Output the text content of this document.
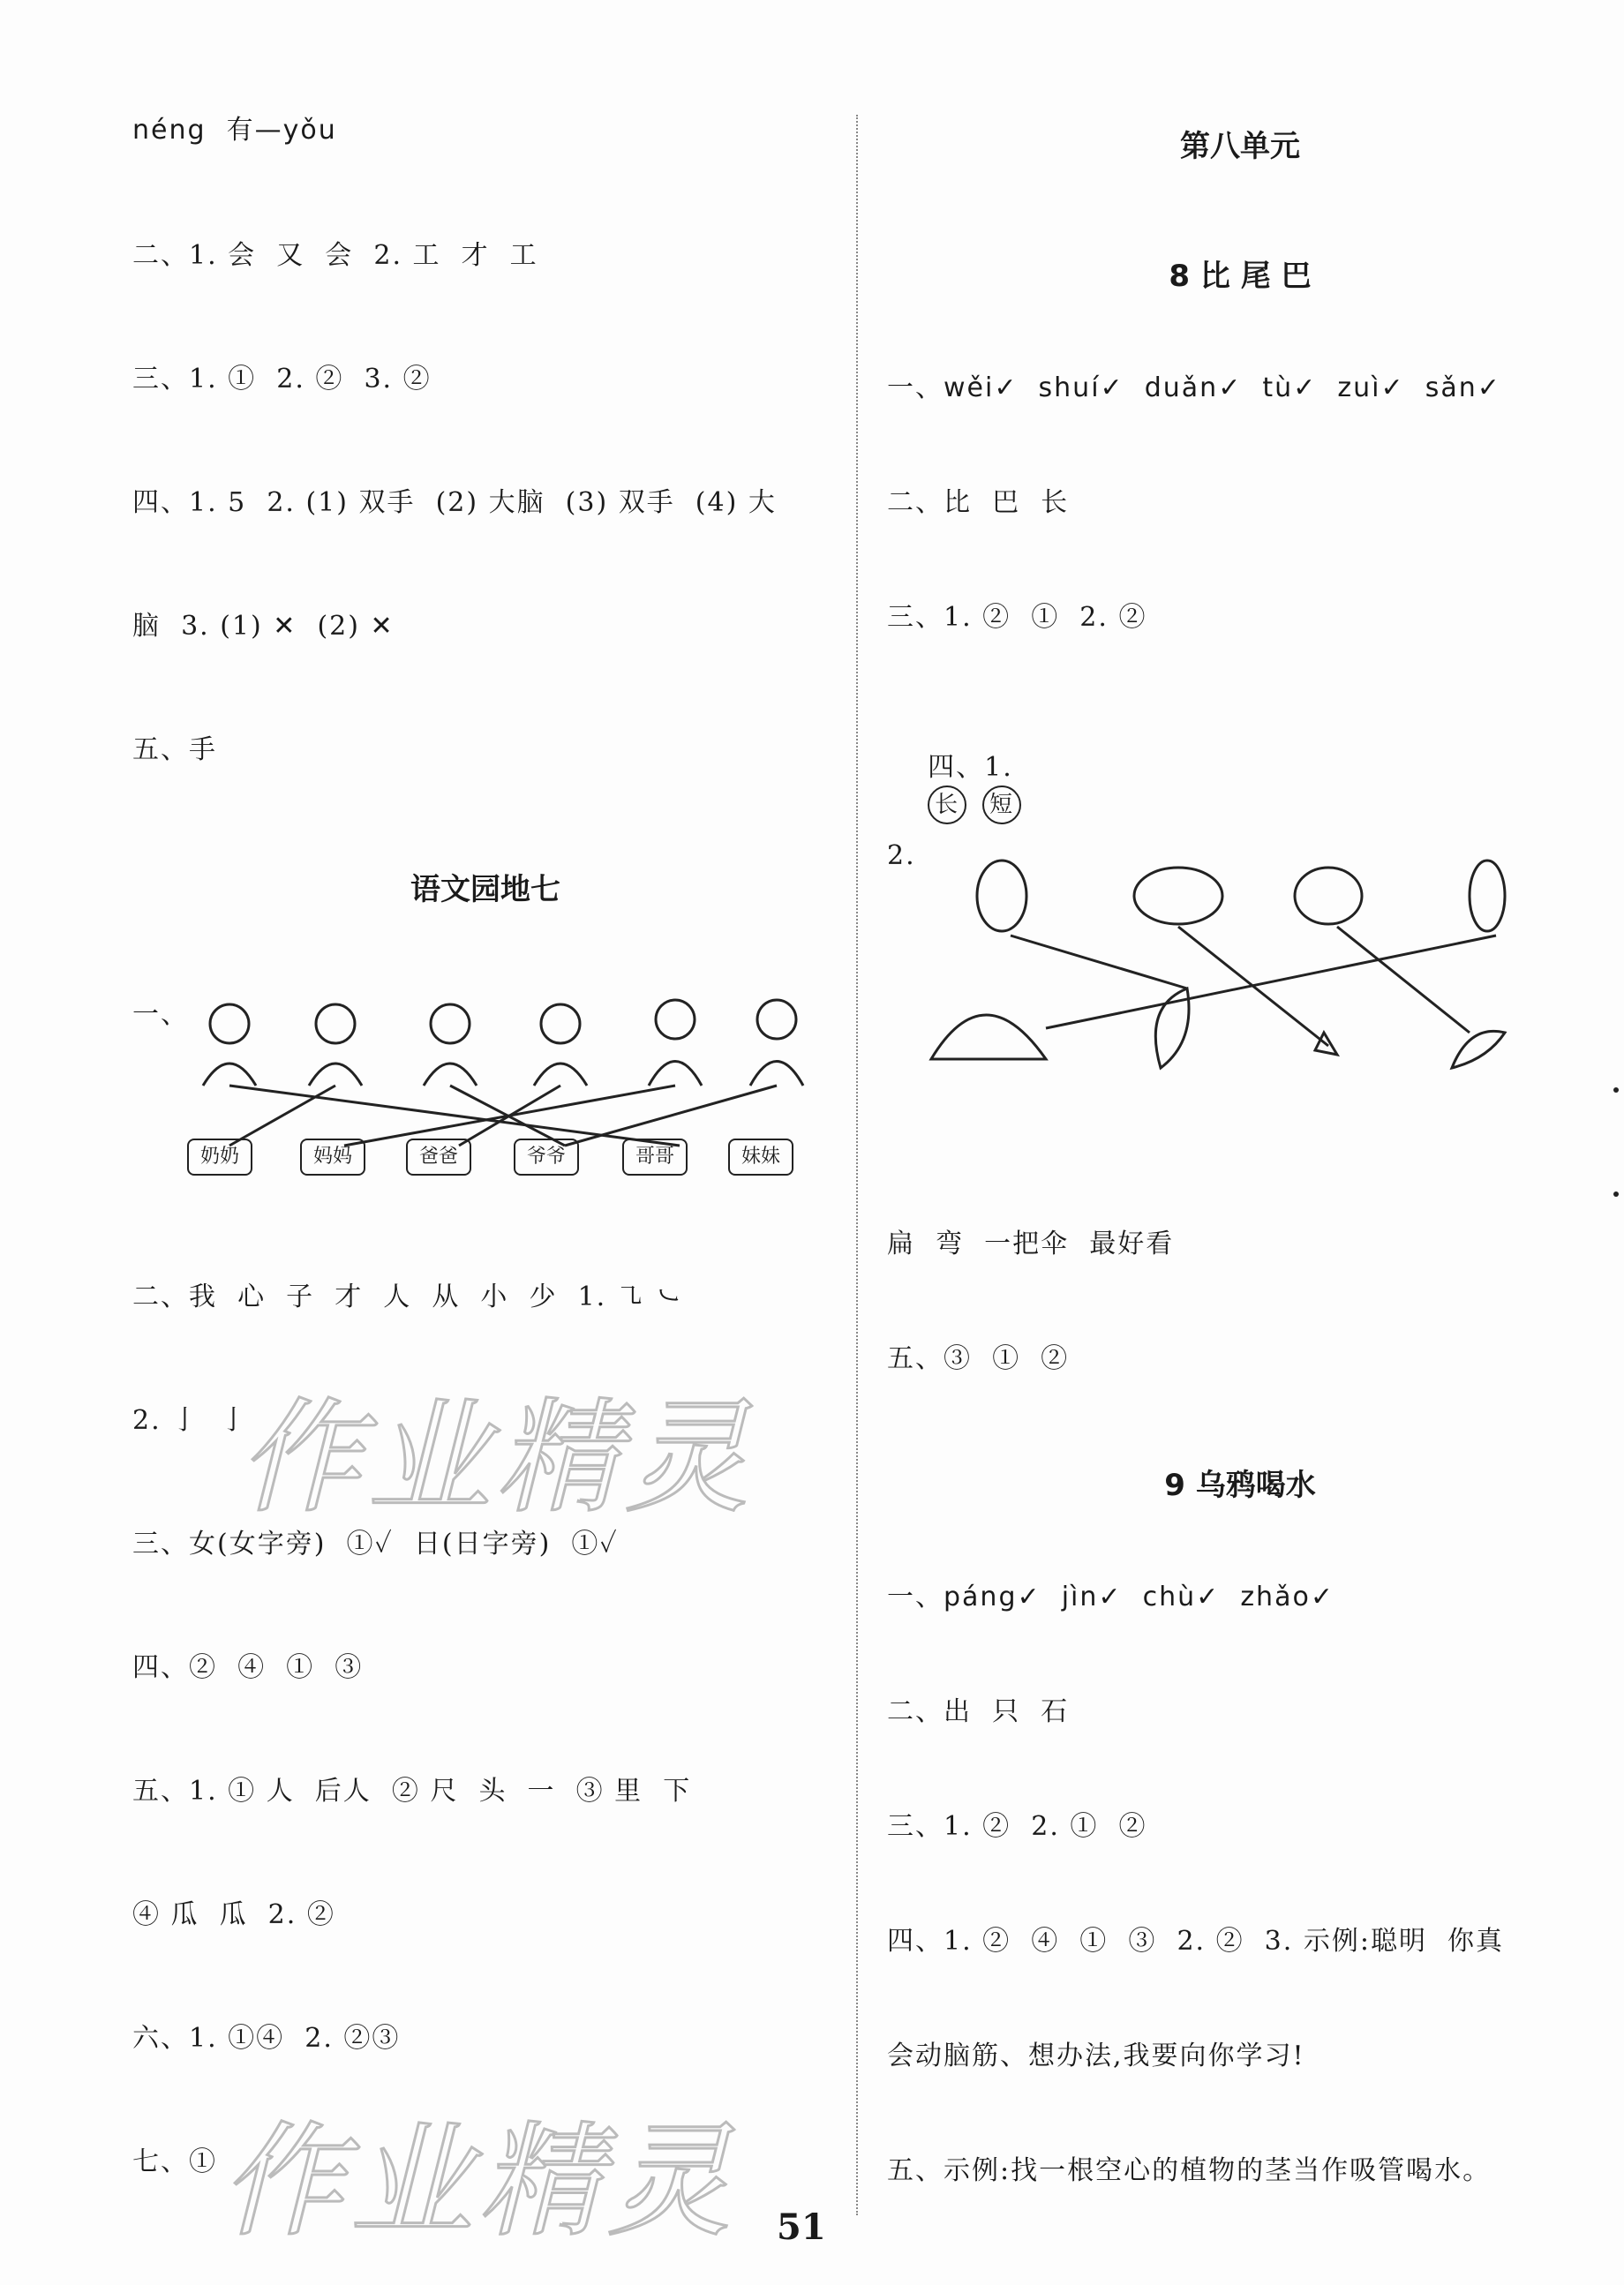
néng  有—yǒu
二、1. 会  又  会  2. 工  才  工
三、1. ①  2. ②  3. ②
四、1. 5  2. (1) 双手  (2) 大脑  (3) 双手  (4) 大
脑  3. (1) ✕  (2) ✕
五、手
语文园地七
一、
奶奶	妈妈	爸爸	爷爷	哥哥	妹妹
二、我  心  子  才  人  从  小  少  1. ㇈ ㇃
2. 亅  亅
三、女(女字旁)  ①✓  日(日字旁)  ①✓
四、②  ④  ①  ③
五、1. ① 人  后人  ② 尺  头  一  ③ 里  下
④ 瓜  瓜  2. ②
六、1. ①④  2. ②③
七、①
第八单元
8 比 尾 巴
一、wěi✓  shuí✓  duǎn✓  tù✓  zuì✓  sǎn✓
二、比  巴  长
三、1. ②  ①  2. ②

四、1.
长 短

2.
扁  弯  一把伞  最好看
五、③  ①  ②
9 乌鸦喝水
一、páng✓  jìn✓  chù✓  zhǎo✓
二、出  只  石
三、1. ②  2. ①  ②
四、1. ②  ④  ①  ③  2. ②  3. 示例:聪明  你真
会动脑筋、想办法,我要向你学习!
五、示例:找一根空心的植物的茎当作吸管喝水。
作业精灵
作业精灵 51
